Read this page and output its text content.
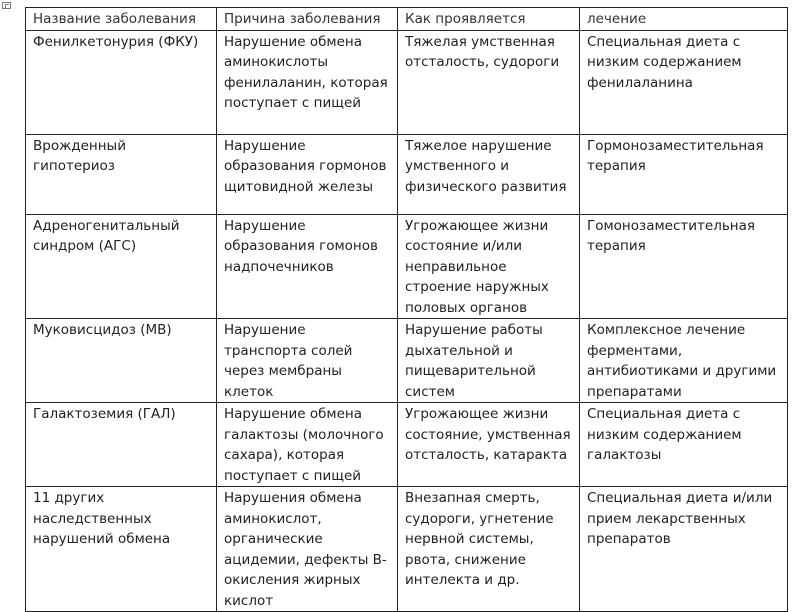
Название заболевания	Причина заболевания	Как проявляется	лечение
Фенилкетонурия (ФКУ)	Нарушение обмена аминокислоты фенилаланин, которая поступает с пищей	Тяжелая умственная отсталость, судороги	Специальная диета с низким содержанием фенилаланина
Врожденный гипотериоз	Нарушение образования гормонов щитовидной железы	Тяжелое нарушение умственного и физического развития	Гормонозаместительная терапия
Адреногенитальный синдром (АГС)	Нарушение образования гомонов надпочечников	Угрожающее жизни состояние и/или неправильное строение наружных половых органов	Гомонозаместительная терапия
Муковисцидоз (МВ)	Нарушение транспорта солей через мембраны клеток	Нарушение работы дыхательной и пищеварительной систем	Комплексное лечение ферментами, антибиотиками и другими препаратами
Галактоземия (ГАЛ)	Нарушение обмена галактозы (молочного сахара), которая поступает с пищей	Угрожающее жизни состояние, умственная отсталость, катаракта	Специальная диета с низким содержанием галактозы
11 других наследственных нарушений обмена	Нарушения обмена аминокислот, органические ацидемии, дефекты В-окисления жирных кислот	Внезапная смерть, судороги, угнетение нервной системы, рвота, снижение интелекта и др.	Специальная диета и/или прием лекарственных препаратов
